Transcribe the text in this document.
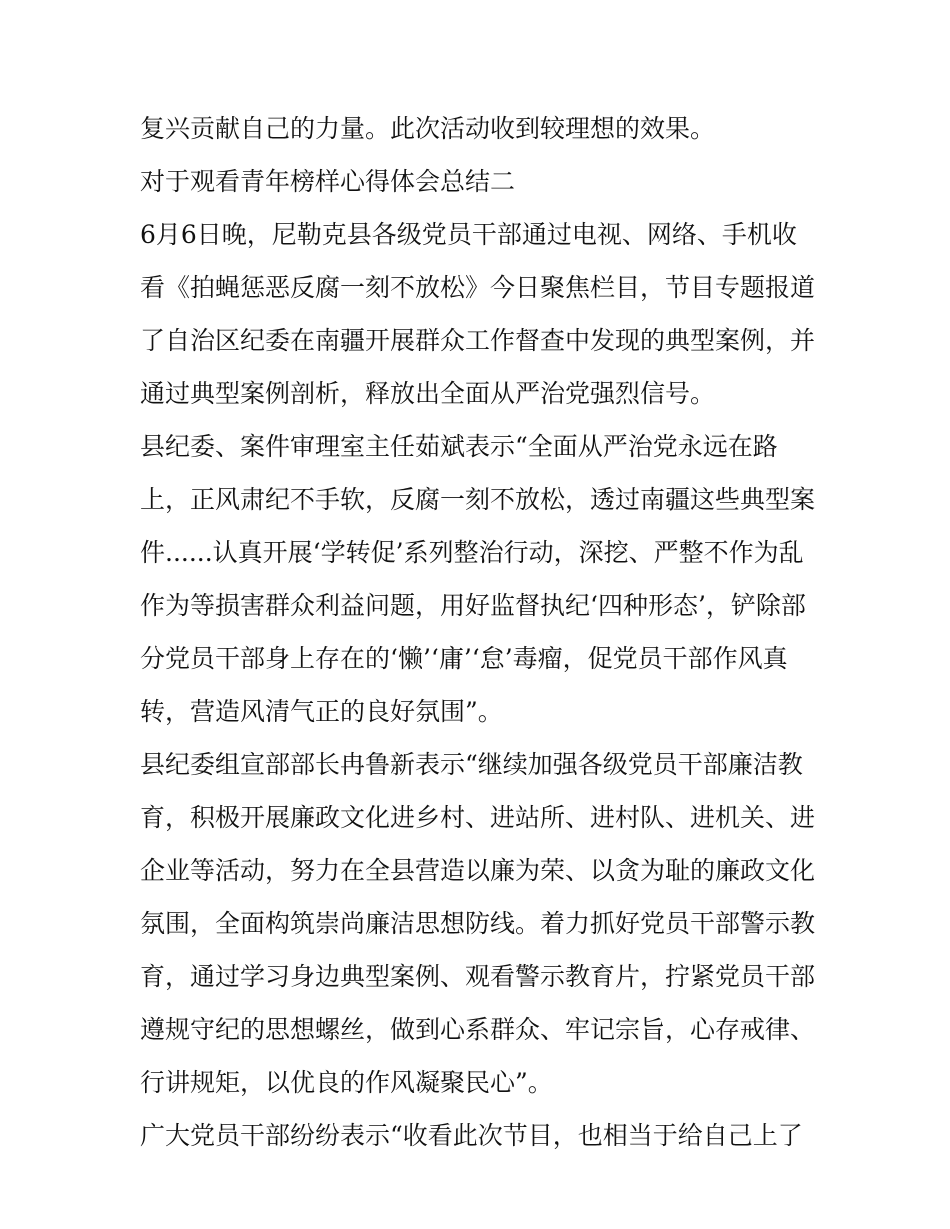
复兴贡献自己的力量。此次活动收到较理想的效果。
对于观看青年榜样心得体会总结二
6月6日晚，尼勒克县各级党员干部通过电视、网络、手机收
看《拍蝇惩恶反腐一刻不放松》今日聚焦栏目，节目专题报道
了自治区纪委在南疆开展群众工作督查中发现的典型案例，并
通过典型案例剖析，释放出全面从严治党强烈信号。
县纪委、案件审理室主任茹斌表示“全面从严治党永远在路
上，正风肃纪不手软，反腐一刻不放松，透过南疆这些典型案
件......认真开展‘学转促’系列整治行动，深挖、严整不作为乱
作为等损害群众利益问题，用好监督执纪‘四种形态’，铲除部
分党员干部身上存在的‘懒’‘庸’‘怠’毒瘤，促党员干部作风真
转，营造风清气正的良好氛围”。
县纪委组宣部部长冉鲁新表示“继续加强各级党员干部廉洁教
育，积极开展廉政文化进乡村、进站所、进村队、进机关、进
企业等活动，努力在全县营造以廉为荣、以贪为耻的廉政文化
氛围，全面构筑崇尚廉洁思想防线。着力抓好党员干部警示教
育，通过学习身边典型案例、观看警示教育片，拧紧党员干部
遵规守纪的思想螺丝，做到心系群众、牢记宗旨，心存戒律、
行讲规矩，以优良的作风凝聚民心”。
广大党员干部纷纷表示“收看此次节目，也相当于给自己上了
